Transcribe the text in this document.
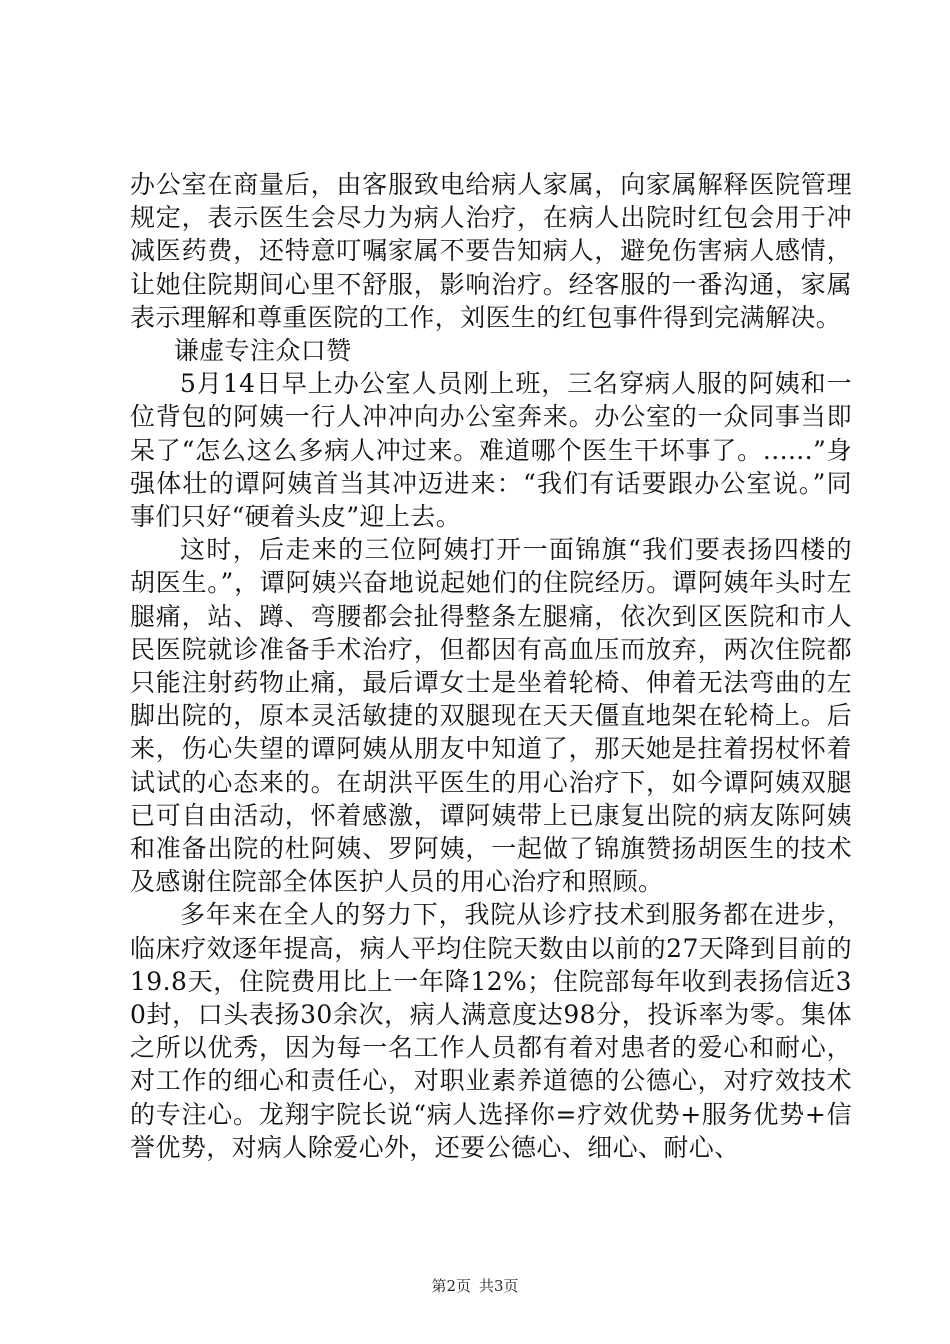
办公室在商量后，由客服致电给病人家属，向家属解释医院管理规定，表示医生会尽力为病人治疗，在病人出院时红包会用于冲减医药费，还特意叮嘱家属不要告知病人，避免伤害病人感情，让她住院期间心里不舒服，影响治疗。经客服的一番沟通，家属表示理解和尊重医院的工作，刘医生的红包事件得到完满解决。

谦虚专注众口赞

5月14日早上办公室人员刚上班，三名穿病人服的阿姨和一位背包的阿姨一行人冲冲向办公室奔来。办公室的一众同事当即呆了“怎么这么多病人冲过来。难道哪个医生干坏事了。......”身强体壮的谭阿姨首当其冲迈进来：“我们有话要跟办公室说。”同事们只好“硬着头皮”迎上去。

这时，后走来的三位阿姨打开一面锦旗“我们要表扬四楼的胡医生。”，谭阿姨兴奋地说起她们的住院经历。谭阿姨年头时左腿痛，站、蹲、弯腰都会扯得整条左腿痛，依次到区医院和市人民医院就诊准备手术治疗，但都因有高血压而放弃，两次住院都只能注射药物止痛，最后谭女士是坐着轮椅、伸着无法弯曲的左脚出院的，原本灵活敏捷的双腿现在天天僵直地架在轮椅上。后来，伤心失望的谭阿姨从朋友中知道了，那天她是拄着拐杖怀着试试的心态来的。在胡洪平医生的用心治疗下，如今谭阿姨双腿已可自由活动，怀着感激，谭阿姨带上已康复出院的病友陈阿姨和准备出院的杜阿姨、罗阿姨，一起做了锦旗赞扬胡医生的技术及感谢住院部全体医护人员的用心治疗和照顾。

多年来在全人的努力下，我院从诊疗技术到服务都在进步，临床疗效逐年提高，病人平均住院天数由以前的27天降到目前的19.8天，住院费用比上一年降12%；住院部每年收到表扬信近30封，口头表扬30余次，病人满意度达98分，投诉率为零。集体之所以优秀，因为每一名工作人员都有着对患者的爱心和耐心，对工作的细心和责任心，对职业素养道德的公德心，对疗效技术的专注心。龙翔宇院长说“病人选择你=疗效优势+服务优势+信誉优势，对病人除爱心外，还要公德心、细心、耐心、

第2页 共3页
